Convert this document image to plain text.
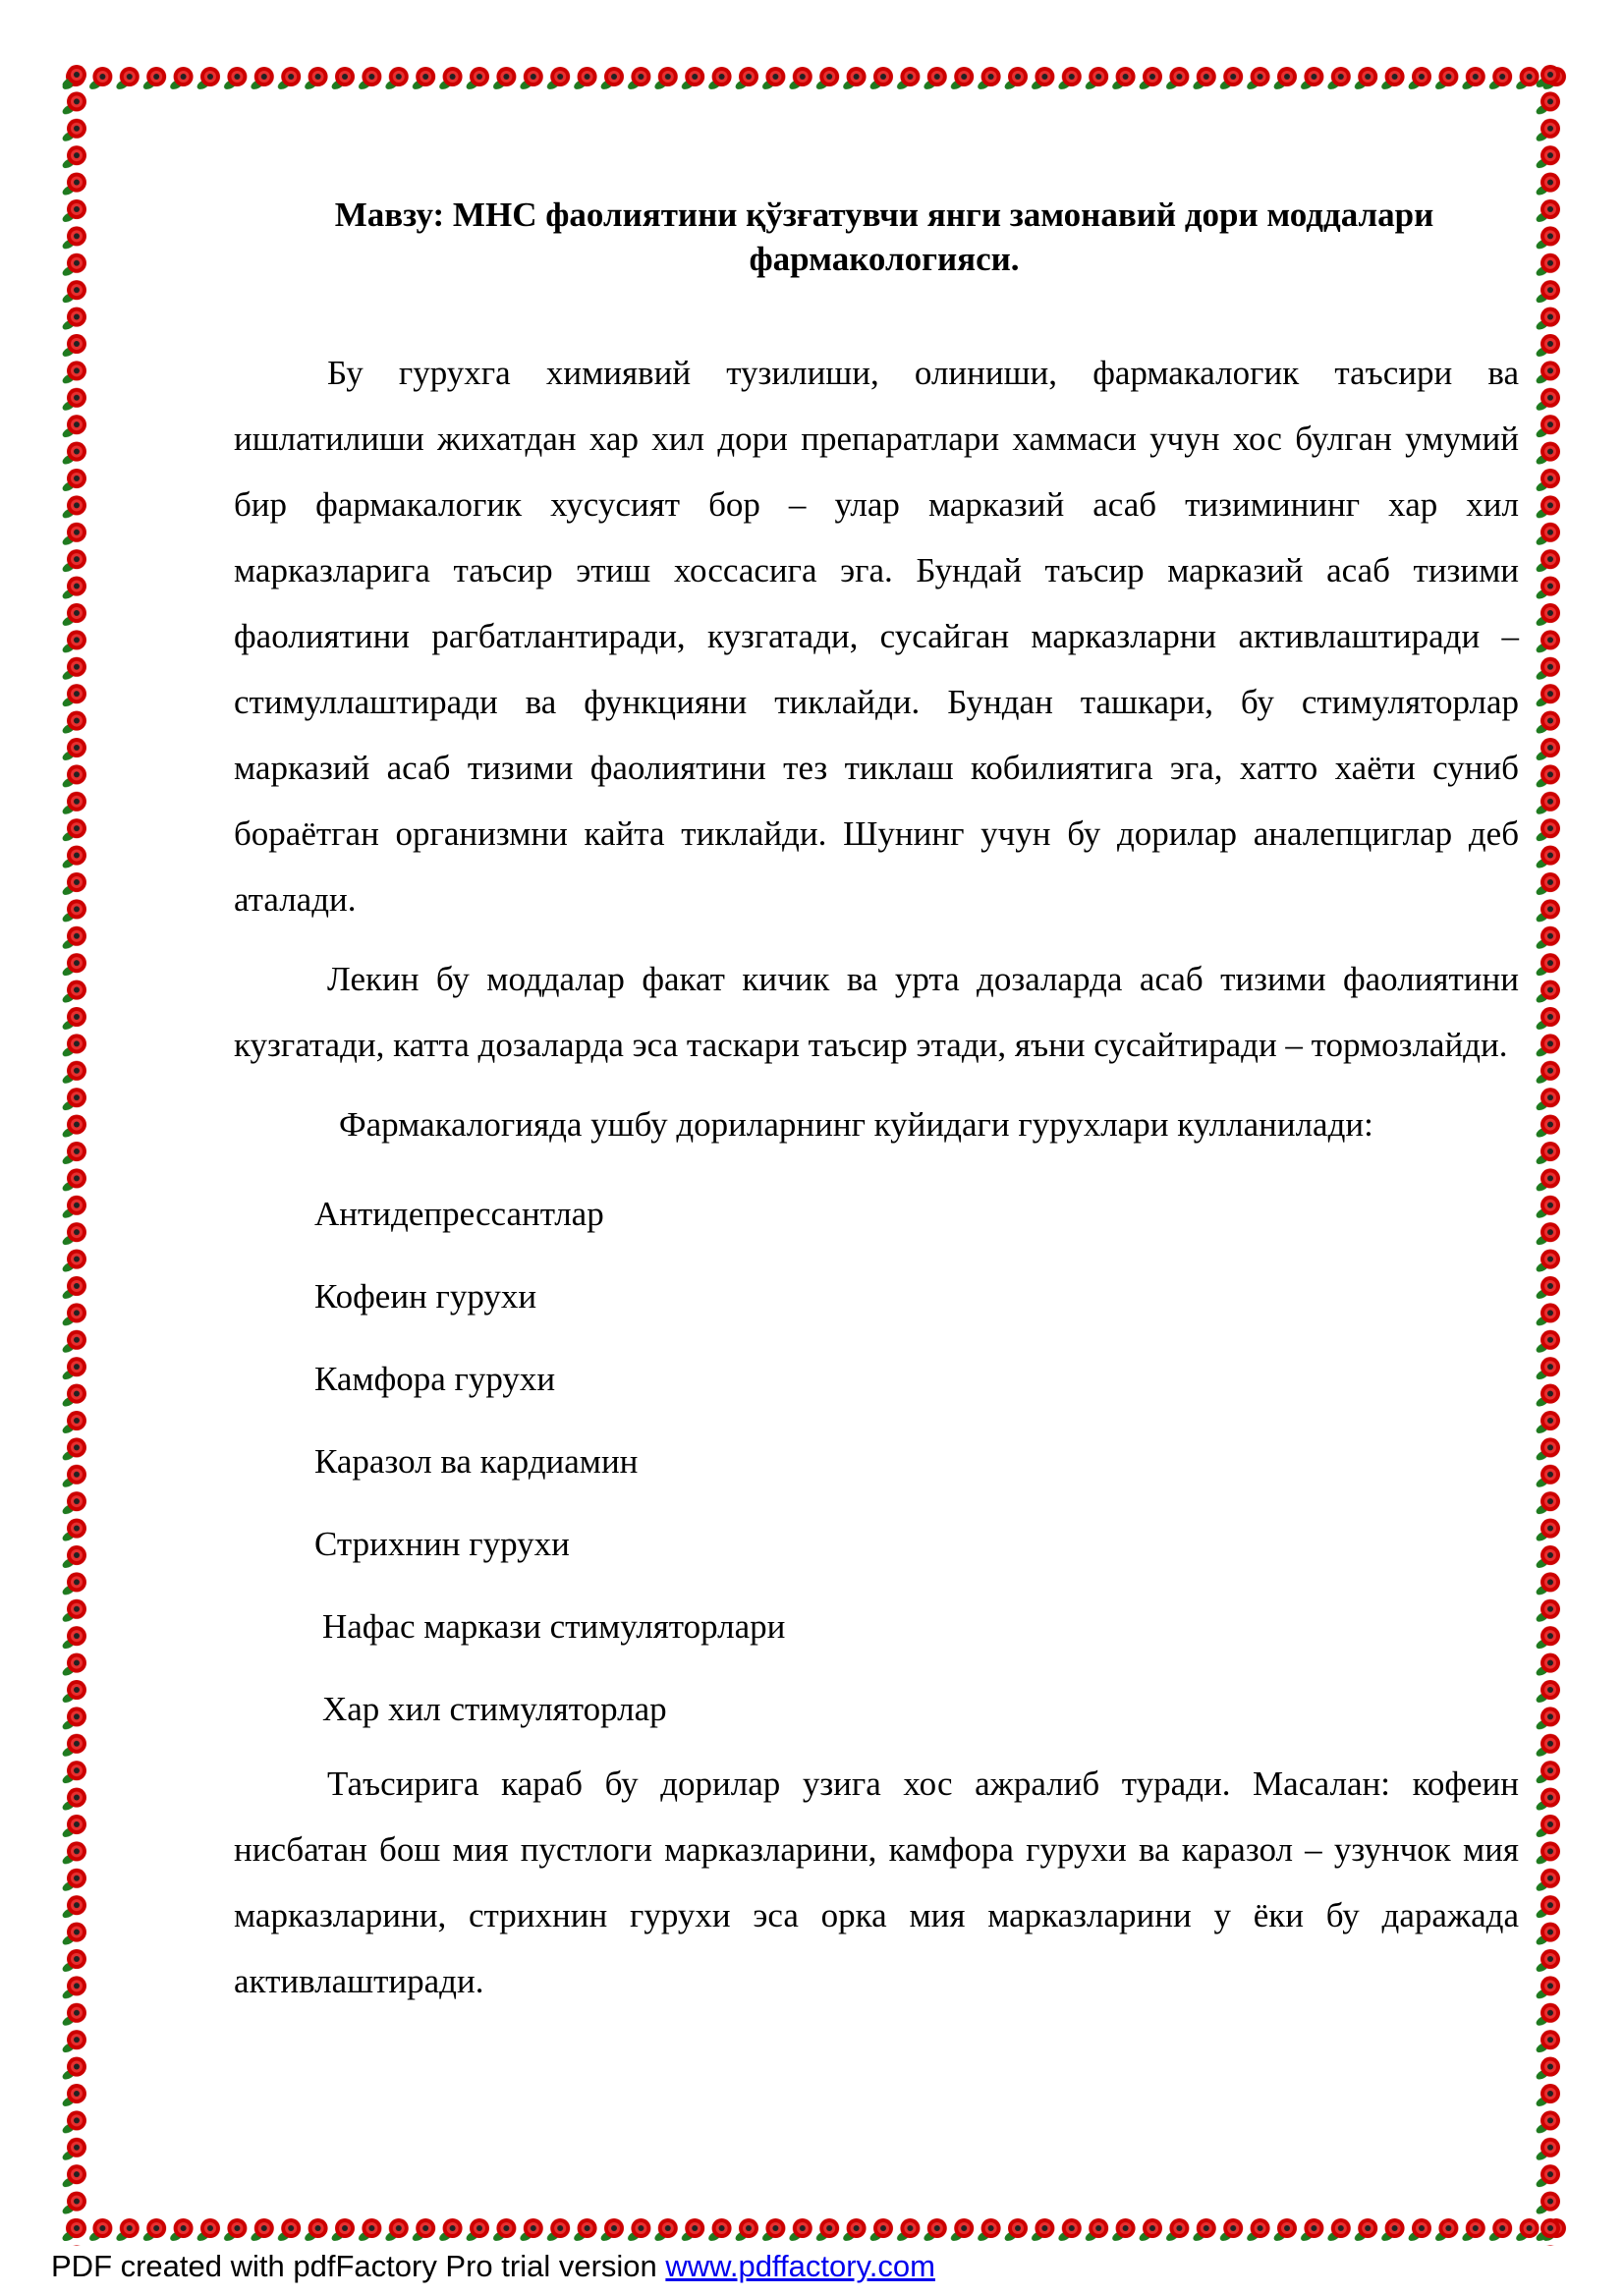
Мавзу: МНС фаолиятини қўзғатувчи янги замонавий дори моддалари фармакологияси.

Бу гурухга химиявий тузилиши, олиниши, фармакалогик таъсири ва ишлатилиши жихатдан хар хил дори препаратлари хаммаси учун хос булган умумий бир фармакалогик хусусият бор – улар марказий асаб тизимининг хар хил марказларига таъсир этиш хоссасига эга. Бундай таъсир марказий асаб тизими фаолиятини рагбатлантиради, кузгатади, сусайган марказларни активлаштиради – стимуллаштиради ва функцияни тиклайди. Бундан ташкари, бу стимуляторлар марказий асаб тизими фаолиятини тез тиклаш кобилиятига эга, хатто хаёти суниб бораётган организмни кайта тиклайди. Шунинг учун бу дорилар аналепциглар деб аталади.

Лекин бу моддалар факат кичик ва урта дозаларда асаб тизими фаолиятини кузгатади, катта дозаларда эса таскари таъсир этади, яъни сусайтиради – тормозлайди.

Фармакалогияда ушбу дориларнинг куйидаги гурухлари кулланилади:

Антидепрессантлар
Кофеин гурухи
Камфора гурухи
Каразол ва кардиамин
Стрихнин гурухи
Нафас маркази стимуляторлари
Хар хил стимуляторлар

Таъсирига караб бу дорилар узига хос ажралиб туради. Масалан: кофеин нисбатан бош мия пустлоги марказларини, камфора гурухи ва каразол – узунчок мия марказларини, стрихнин гурухи эса орка мия марказларини у ёки бу даражада активлаштиради.

PDF created with pdfFactory Pro trial version www.pdffactory.com
